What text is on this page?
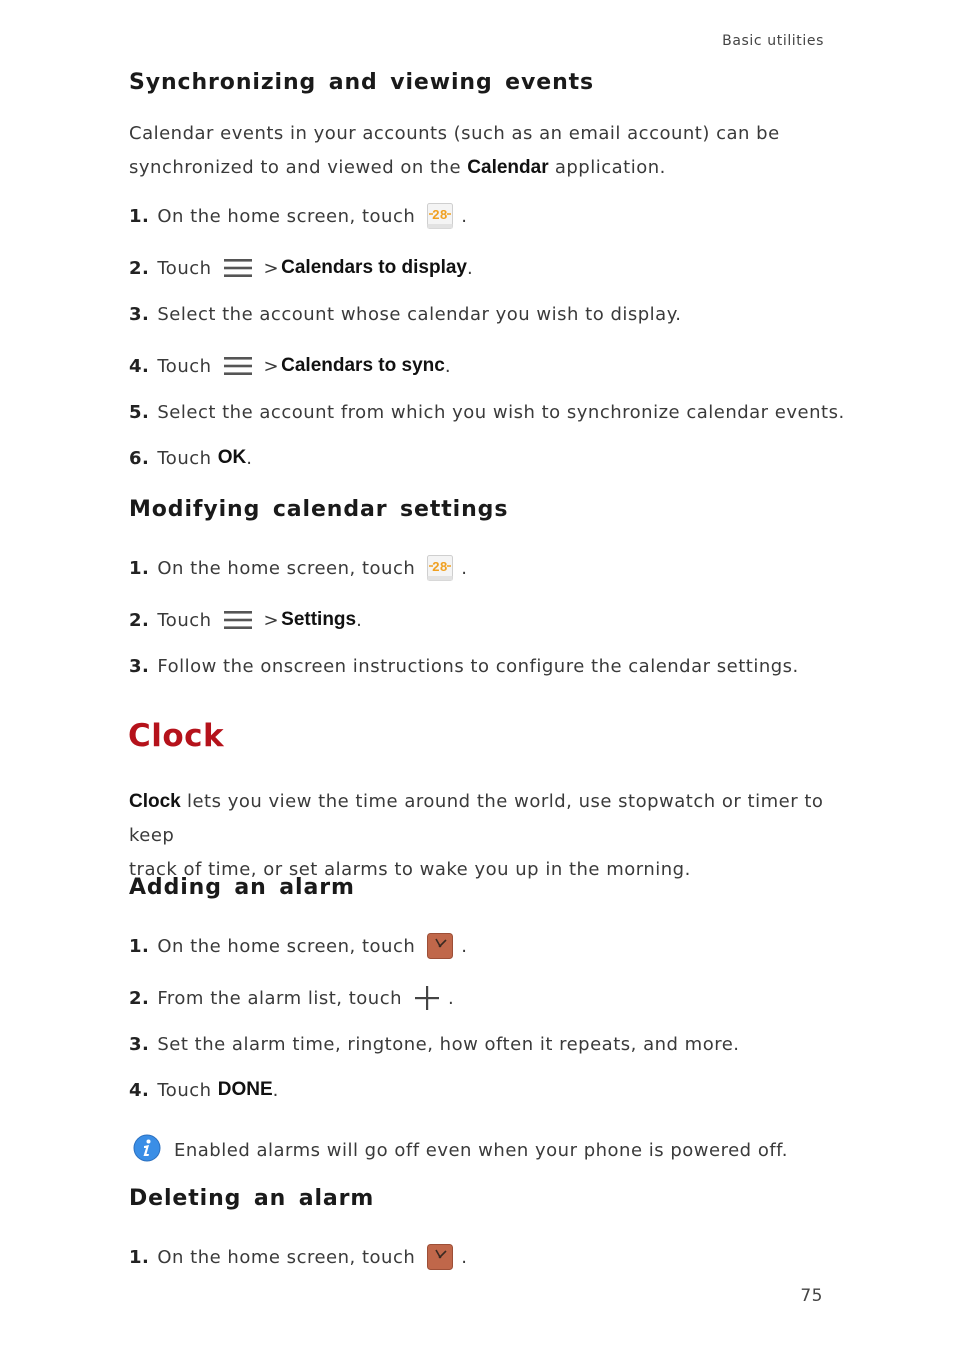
Basic utilities
Synchronizing and viewing events
Calendar events in your accounts (such as an email account) can be
synchronized to and viewed on the Calendar application.
1. On the home screen, touch 28 .
2. Touch	> Calendars to display .
3. Select the account whose calendar you wish to display.
4. Touch	> Calendars to sync .
5. Select the account from which you wish to synchronize calendar events.
6. Touch OK .
Modifying calendar settings
1. On the home screen, touch 28 .
2. Touch	> Settings .
3. Follow the onscreen instructions to configure the calendar settings.
Clock
Clock lets you view the time around the world, use stopwatch or timer to keep
track of time, or set alarms to wake you up in the morning.
Adding an alarm
1. On the home screen, touch	.
2. From the alarm list, touch	.
3. Set the alarm time, ringtone, how often it repeats, and more.
4. Touch DONE .
Enabled alarms will go off even when your phone is powered off.
Deleting an alarm
1. On the home screen, touch	.
75
